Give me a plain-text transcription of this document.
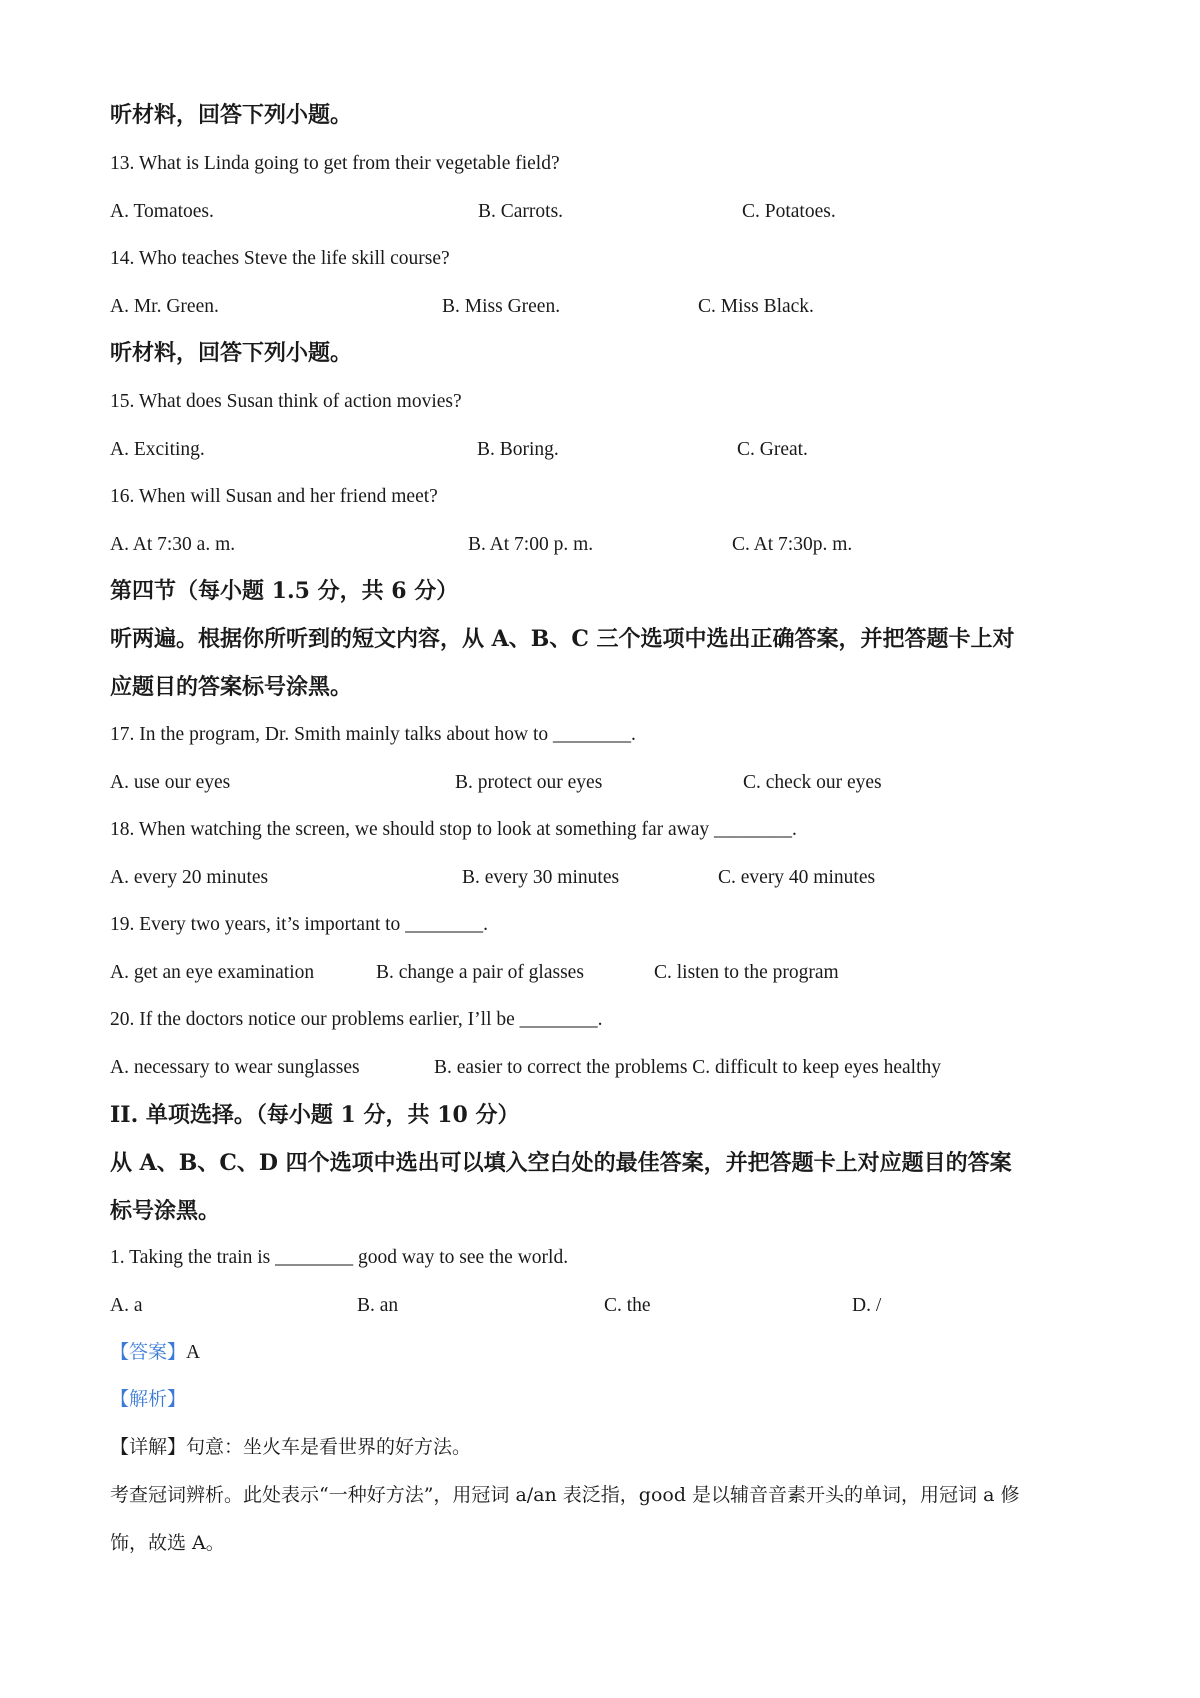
听材料，回答下列小题。
13. What is Linda going to get from their vegetable field?
A. Tomatoes.	B. Carrots.	C. Potatoes.
14. Who teaches Steve the life skill course?
A. Mr. Green.	B. Miss Green.	C. Miss Black.
听材料，回答下列小题。
15. What does Susan think of action movies?
A. Exciting.	B. Boring.	C. Great.
16. When will Susan and her friend meet?
A. At 7:30 a. m.	B. At 7:00 p. m.	C. At 7:30p. m.
第四节（每小题 1.5 分，共 6 分）
听两遍。根据你所听到的短文内容，从 A、B、C 三个选项中选出正确答案，并把答题卡上对
应题目的答案标号涂黑。
17. In the program, Dr. Smith mainly talks about how to ________.
A. use our eyes	B. protect our eyes	C. check our eyes
18. When watching the screen, we should stop to look at something far away ________.
A. every 20 minutes	B. every 30 minutes	C. every 40 minutes
19. Every two years, it’s important to ________.
A. get an eye examination	B. change a pair of glasses	C. listen to the program
20. If the doctors notice our problems earlier, I’ll be ________.
A. necessary to wear sunglasses	B. easier to correct the problems C. difficult to keep eyes healthy
II. 单项选择。（每小题 1 分，共 10 分）
从 A、B、C、D 四个选项中选出可以填入空白处的最佳答案，并把答题卡上对应题目的答案
标号涂黑。
1. Taking the train is ________ good way to see the world.
A. a	B. an	C. the	D. /
【答案】A
【解析】
【详解】句意：坐火车是看世界的好方法。
考查冠词辨析。此处表示“一种好方法”，用冠词 a/an 表泛指，good 是以辅音音素开头的单词，用冠词 a 修
饰，故选 A。
